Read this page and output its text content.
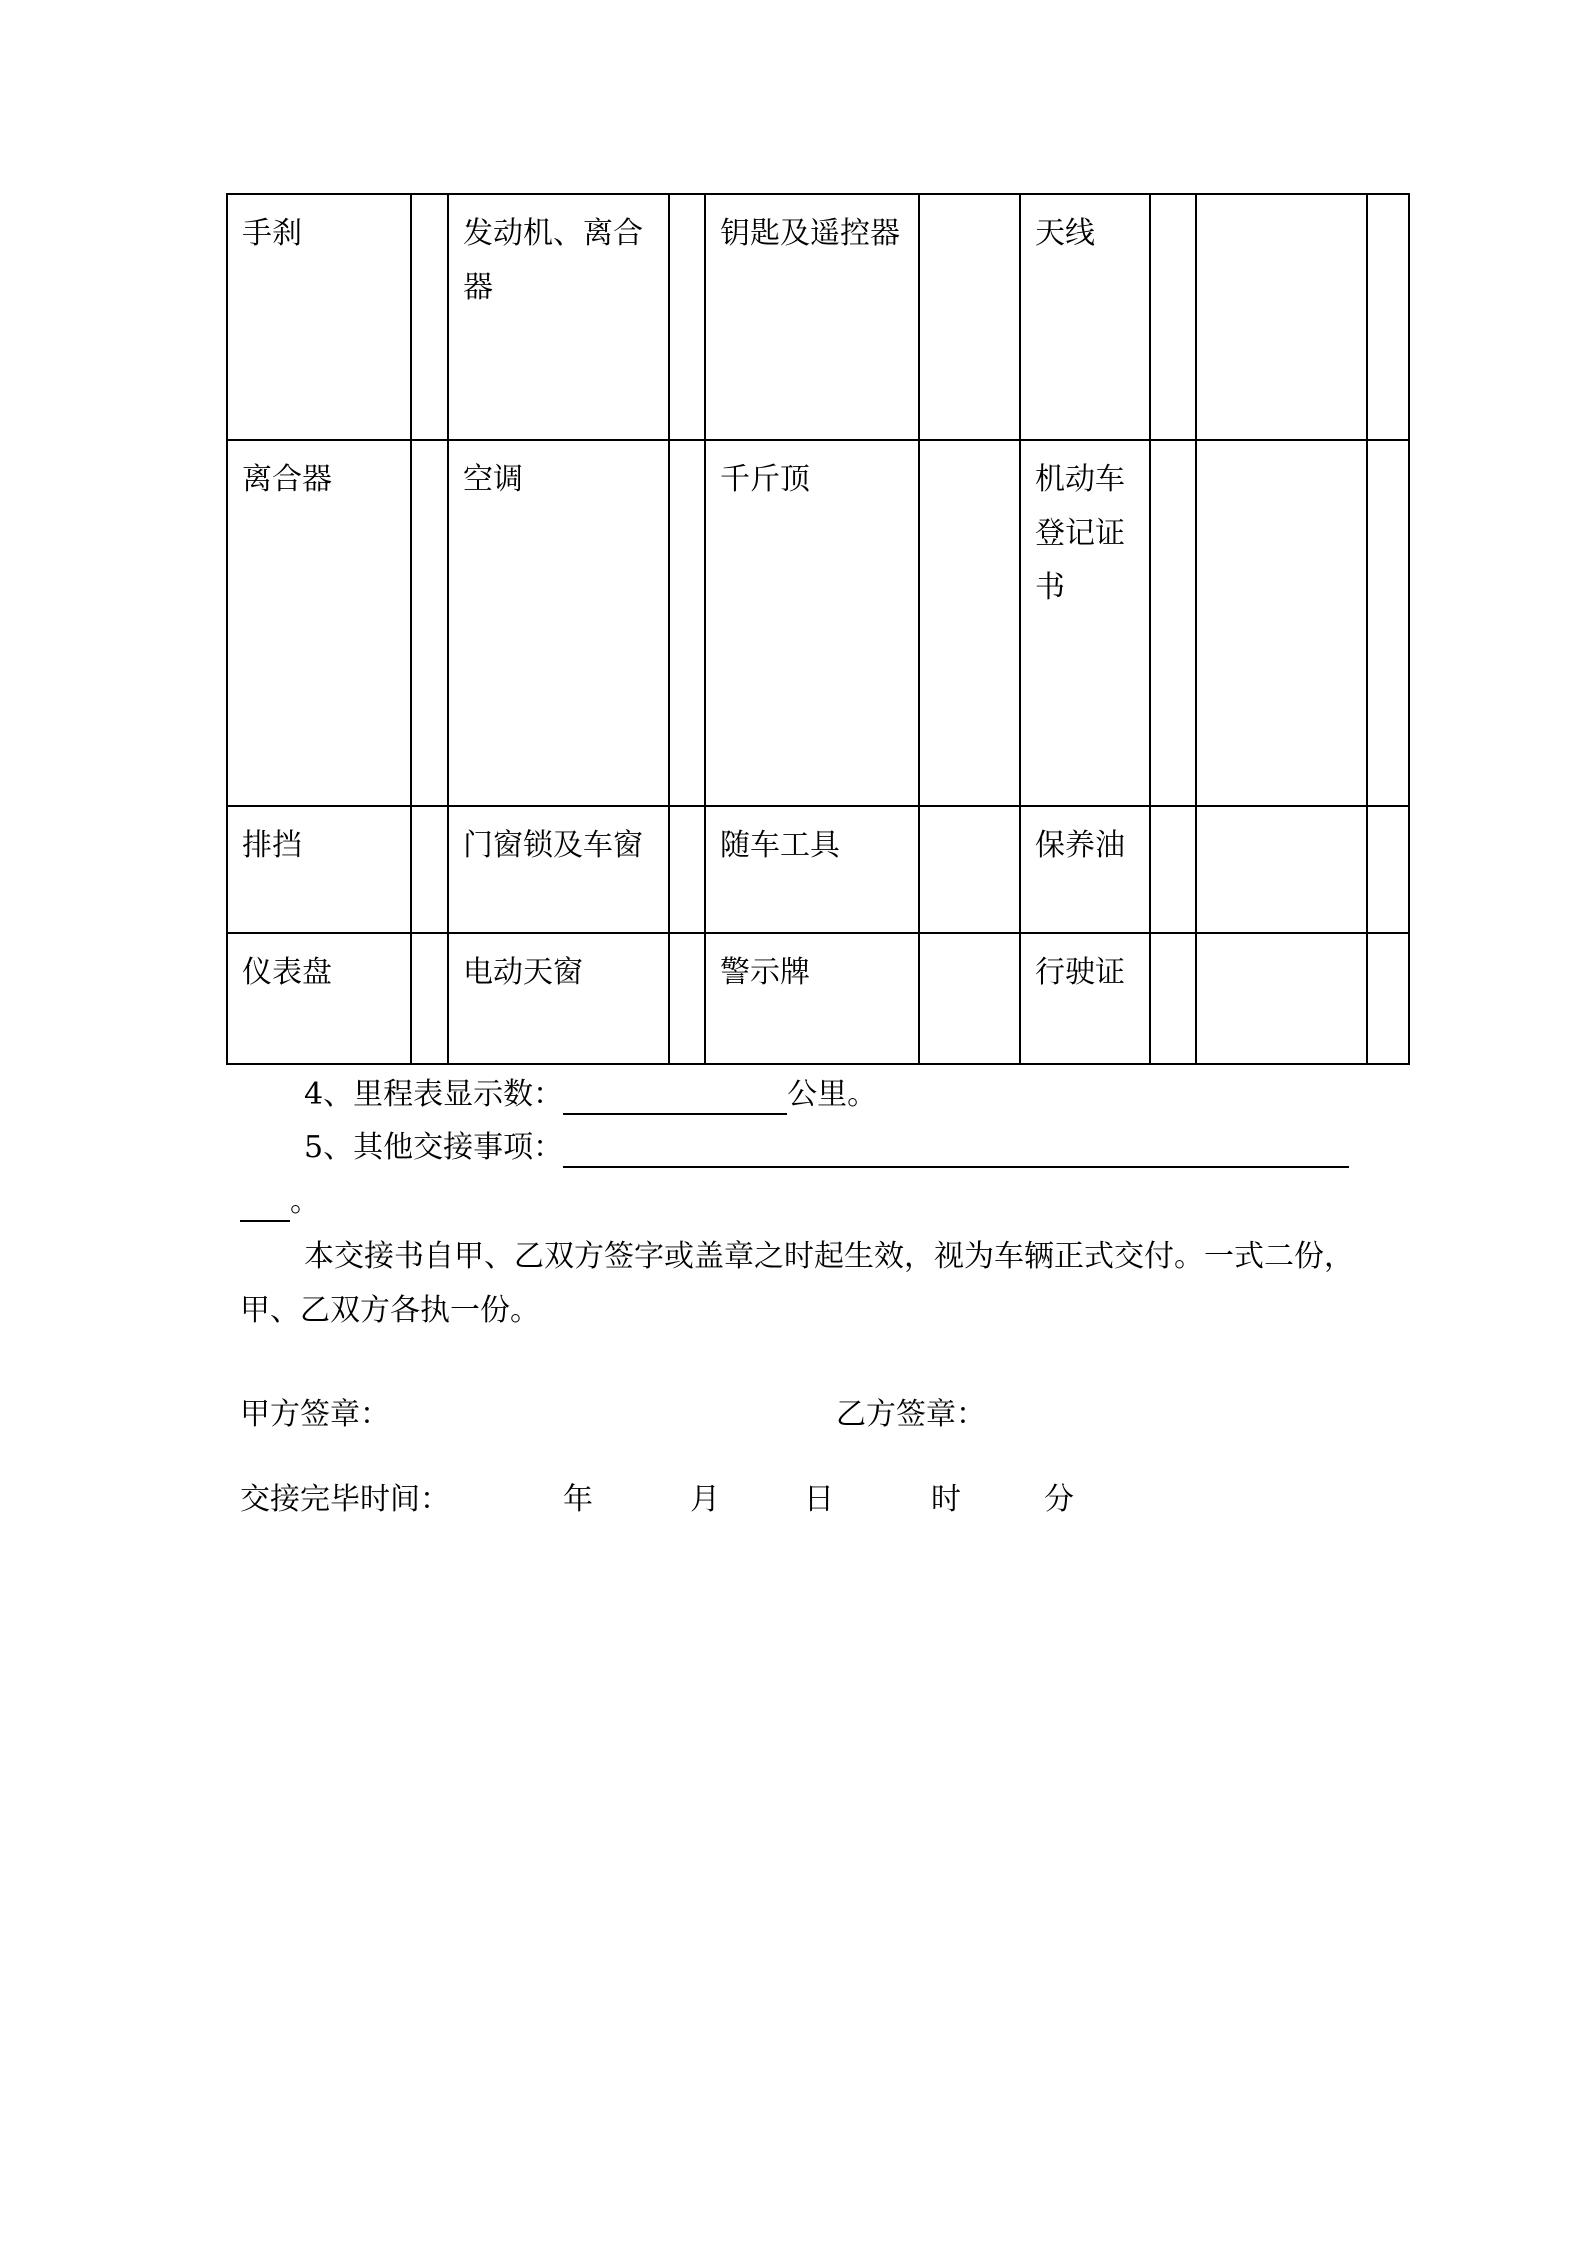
手刹		发动机、离合器		钥匙及遥控器		天线			
离合器		空调		千斤顶		机动车登记证书			
排挡		门窗锁及车窗		随车工具		保养油			
仪表盘		电动天窗		警示牌		行驶证			
4、里程表显示数：	公里。
5、其他交接事项：
。
本交接书自甲、乙双方签字或盖章之时起生效，视为车辆正式交付。一式二份，甲、乙双方各执一份。
甲方签章：	乙方签章：
交接完毕时间：	年	月	日	时	分
